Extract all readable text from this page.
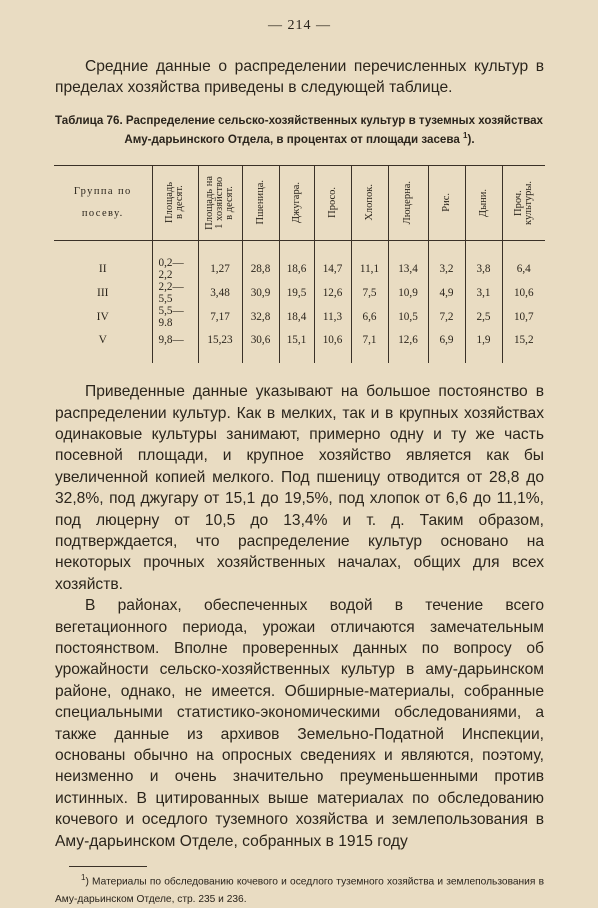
— 214 —

Средние данные о распределении перечисленных культур в пределах хозяйства приведены в следующей таблице.

Таблица 76. Распределение сельско-хозяйственных культур в туземных хозяйствах
Аму-дарьинского Отдела, в процентах от площади засева $^1$).
Группа по
посеву.	Площадь
в десят.	Площадь на
1 хозяйство
в десят.	Пшеница.	Джугара.	Просо.	Хлопок.	Люцерна.	Рис.	Дыни.	Проч.
культуры.

II	0,2—2,2	1,27	28,8	18,6	14,7	11,1	13,4	3,2	3,8	6,4
III	2,2—5,5	3,48	30,9	19,5	12,6	7,5	10,9	4,9	3,1	10,6
IV	5,5—9.8	7,17	32,8	18,4	11,3	6,6	10,5	7,2	2,5	10,7
V	9,8—	15,23	30,6	15,1	10,6	7,1	12,6	6,9	1,9	15,2

Приведенные данные указывают на большое постоянство в распределении культур. Как в мелких, так и в крупных хозяйствах одинаковые культуры занимают, примерно одну и ту же часть посевной площади, и крупное хозяйство является как бы увеличенной копией мелкого. Под пшеницу отводится от 28,8 до 32,8%, под джугару от 15,1 до 19,5%, под хлопок от 6,6 до 11,1%, под люцерну от 10,5 до 13,4% и т. д. Таким образом, подтверждается, что распределение культур основано на некоторых прочных хозяйственных началах, общих для всех хозяйств.

В районах, обеспеченных водой в течение всего вегетационного периода, урожаи отличаются замечательным постоянством. Вполне проверенных данных по вопросу об урожайности сельско-хозяйственных культур в аму-дарьинском районе, однако, не имеется. Обширные-материалы, собранные специальными статистико-экономическими обследованиями, а также данные из архивов Земельно-Податной Инспекции, основаны обычно на опросных сведениях и являются, поэтому, неизменно и очень значительно преуменьшенными против истинных. В цитированных выше материалах по обследованию кочевого и оседлого туземного хозяйства и землепользования в Аму-дарьинском Отделе, собранных в 1915 году

$^1$) Материалы по обследованию кочевого и оседлого туземного хозяйства и землепользования в Аму-дарьинском Отделе, стр. 235 и 236.
